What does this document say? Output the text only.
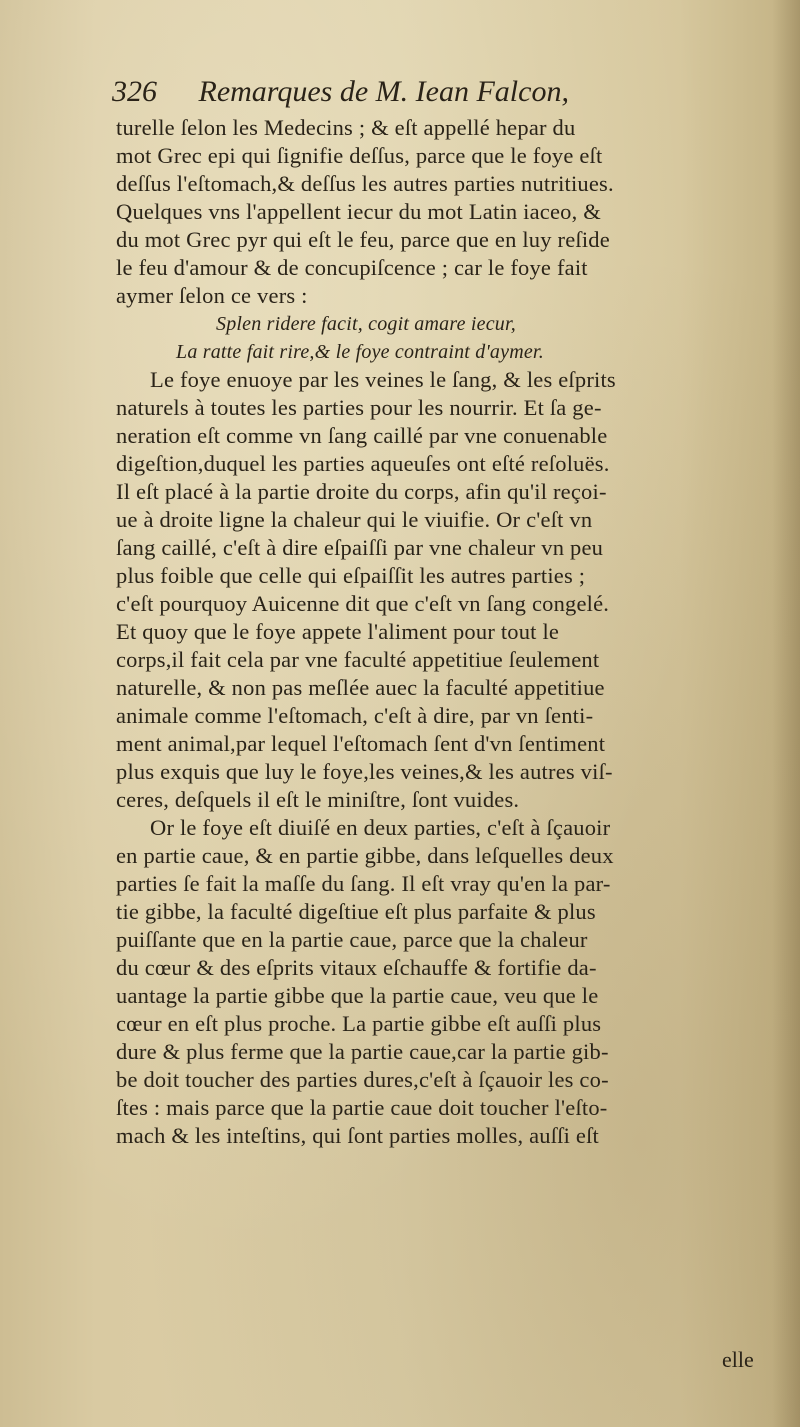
326 Remarques de M. Iean Falcon,
turelle ſelon les Medecins ; & eſt appellé hepar du
mot Grec epi qui ſignifie deſſus, parce que le foye eſt
deſſus l'eſtomach,& deſſus les autres parties nutritiues.
Quelques vns l'appellent iecur du mot Latin iaceo, &
du mot Grec pyr qui eſt le feu, parce que en luy reſide
le feu d'amour & de concupiſcence ; car le foye fait
aymer ſelon ce vers :
Splen ridere facit, cogit amare iecur,
La ratte fait rire,& le foye contraint d'aymer.
Le foye enuoye par les veines le ſang, & les eſprits
naturels à toutes les parties pour les nourrir. Et ſa ge-
neration eſt comme vn ſang caillé par vne conuenable
digeſtion,duquel les parties aqueuſes ont eſté reſoluës.
Il eſt placé à la partie droite du corps, afin qu'il reçoi-
ue à droite ligne la chaleur qui le viuifie. Or c'eſt vn
ſang caillé, c'eſt à dire eſpaiſſi par vne chaleur vn peu
plus foible que celle qui eſpaiſſit les autres parties ;
c'eſt pourquoy Auicenne dit que c'eſt vn ſang congelé.
Et quoy que le foye appete l'aliment pour tout le
corps,il fait cela par vne faculté appetitiue ſeulement
naturelle, & non pas meſlée auec la faculté appetitiue
animale comme l'eſtomach, c'eſt à dire, par vn ſenti-
ment animal,par lequel l'eſtomach ſent d'vn ſentiment
plus exquis que luy le foye,les veines,& les autres viſ-
ceres, deſquels il eſt le miniſtre, ſont vuides.
Or le foye eſt diuiſé en deux parties, c'eſt à ſçauoir
en partie caue, & en partie gibbe, dans leſquelles deux
parties ſe fait la maſſe du ſang. Il eſt vray qu'en la par-
tie gibbe, la faculté digeſtiue eſt plus parfaite & plus
puiſſante que en la partie caue, parce que la chaleur
du cœur & des eſprits vitaux eſchauffe & fortifie da-
uantage la partie gibbe que la partie caue, veu que le
cœur en eſt plus proche. La partie gibbe eſt auſſi plus
dure & plus ferme que la partie caue,car la partie gib-
be doit toucher des parties dures,c'eſt à ſçauoir les co-
ſtes : mais parce que la partie caue doit toucher l'eſto-
mach & les inteſtins, qui ſont parties molles, auſſi eſt
elle
